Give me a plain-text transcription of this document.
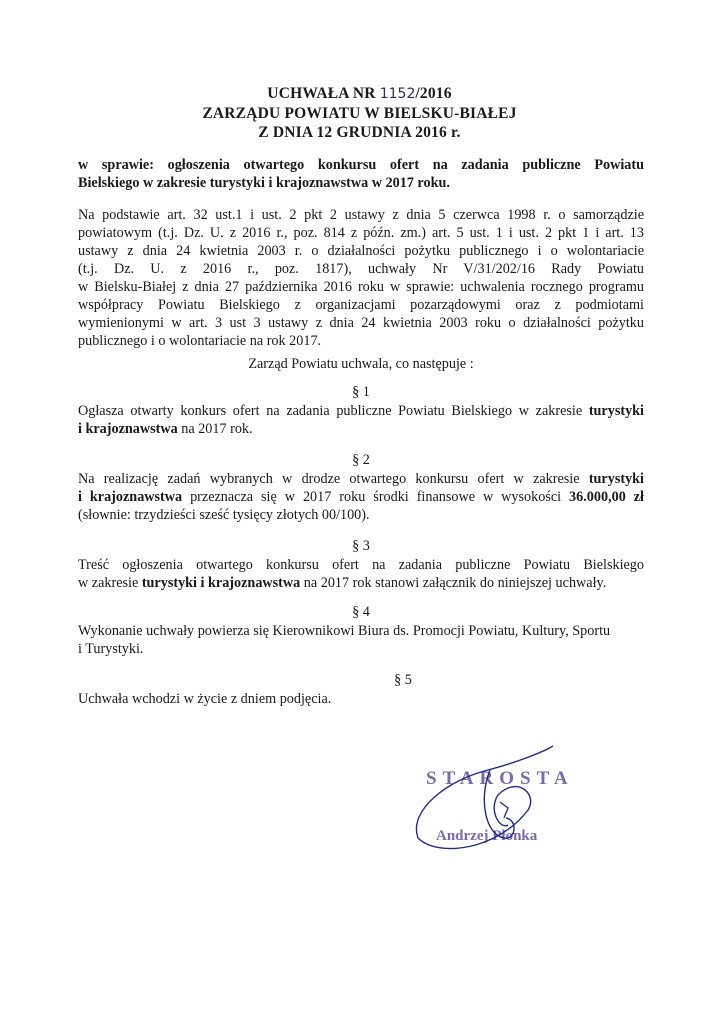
UCHWAŁA NR 1152/2016
ZARZĄDU POWIATU W BIELSKU-BIAŁEJ
Z DNIA 12 GRUDNIA 2016 r.
w sprawie: ogłoszenia otwartego konkursu ofert na zadania publiczne Powiatu
Bielskiego w zakresie turystyki i krajoznawstwa w 2017 roku.
Na podstawie art. 32 ust.1 i ust. 2 pkt 2 ustawy z dnia 5 czerwca 1998 r. o samorządzie
powiatowym (t.j. Dz. U. z 2016 r., poz. 814 z późn. zm.) art. 5 ust. 1 i ust. 2 pkt 1 i art. 13
ustawy z dnia 24 kwietnia 2003 r. o działalności pożytku publicznego i o wolontariacie
(t.j. Dz. U. z 2016 r., poz. 1817), uchwały Nr V/31/202/16 Rady Powiatu
w Bielsku-Białej z dnia 27 października 2016 roku w sprawie: uchwalenia rocznego programu
współpracy Powiatu Bielskiego z organizacjami pozarządowymi oraz z podmiotami
wymienionymi w art. 3 ust 3 ustawy z dnia 24 kwietnia 2003 roku o działalności pożytku
publicznego i o wolontariacie na rok 2017.
Zarząd Powiatu uchwala, co następuje :
§ 1
Ogłasza otwarty konkurs ofert na zadania publiczne Powiatu Bielskiego w zakresie turystyki
i krajoznawstwa na 2017 rok.
§ 2
Na realizację zadań wybranych w drodze otwartego konkursu ofert w zakresie turystyki
i krajoznawstwa przeznacza się w 2017 roku środki finansowe w wysokości 36.000,00 zł
(słownie: trzydzieści sześć tysięcy złotych 00/100).
§ 3
Treść ogłoszenia otwartego konkursu ofert na zadania publiczne Powiatu Bielskiego
w zakresie turystyki i krajoznawstwa na 2017 rok stanowi załącznik do niniejszej uchwały.
§ 4
Wykonanie uchwały powierza się Kierownikowi Biura ds. Promocji Powiatu, Kultury, Sportu
i Turystyki.
§ 5
Uchwała wchodzi w życie z dniem podjęcia.
STAROSTA
Andrzej Płonka
